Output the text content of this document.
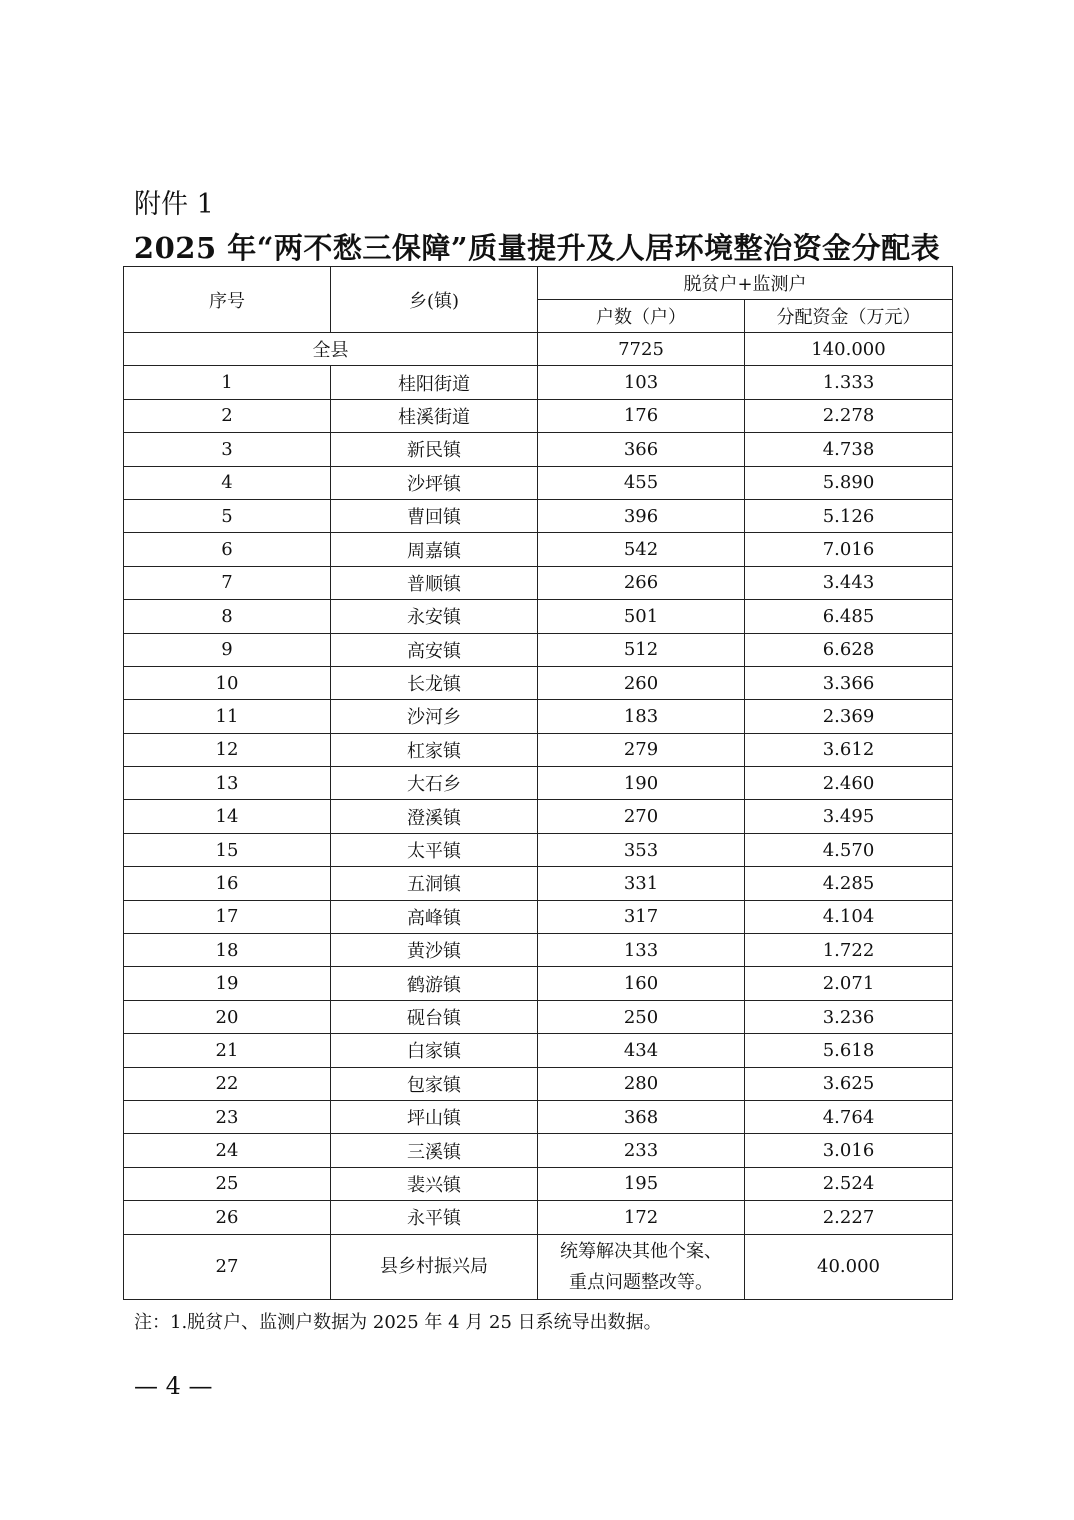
附件 1
2025 年“两不愁三保障”质量提升及人居环境整治资金分配表
序号	乡(镇)	脱贫户+监测户	
		户数（户）	分配资金（万元）
全县		7725	140.000
1	桂阳街道	103	1.333
2	桂溪街道	176	2.278
3	新民镇	366	4.738
4	沙坪镇	455	5.890
5	曹回镇	396	5.126
6	周嘉镇	542	7.016
7	普顺镇	266	3.443
8	永安镇	501	6.485
9	高安镇	512	6.628
10	长龙镇	260	3.366
11	沙河乡	183	2.369
12	杠家镇	279	3.612
13	大石乡	190	2.460
14	澄溪镇	270	3.495
15	太平镇	353	4.570
16	五洞镇	331	4.285
17	高峰镇	317	4.104
18	黄沙镇	133	1.722
19	鹤游镇	160	2.071
20	砚台镇	250	3.236
21	白家镇	434	5.618
22	包家镇	280	3.625
23	坪山镇	368	4.764
24	三溪镇	233	3.016
25	裴兴镇	195	2.524
26	永平镇	172	2.227
27	县乡村振兴局	统筹解决其他个案、
重点问题整改等。	40.000
注：1.脱贫户、监测户数据为 2025 年 4 月 25 日系统导出数据。
— 4 —
